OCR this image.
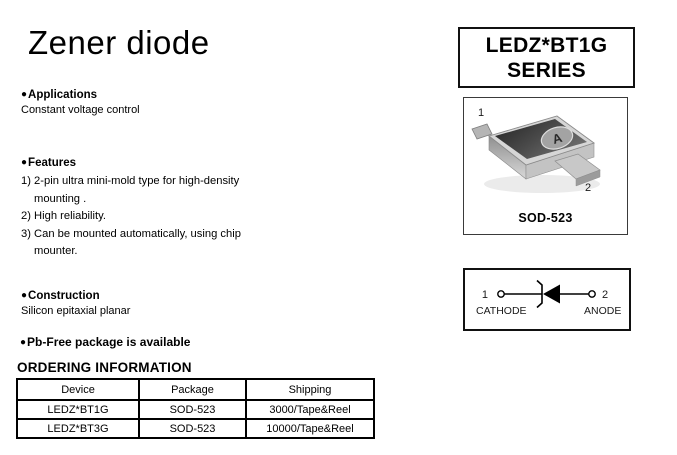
Zener diode
●Applications
Constant voltage control
●Features
1) 2-pin ultra mini-mold type for high-density
mounting .
2) High reliability.
3) Can be mounted automatically, using chip
mounter.
●Construction
Silicon epitaxial planar
●Pb-Free package is available
ORDERING INFORMATION
Device	Package	Shipping
LEDZ*BT1G	SOD-523	3000/Tape&Reel
LEDZ*BT3G	SOD-523	10000/Tape&Reel
LEDZ*BT1G
SERIES
A
1
2
SOD-523
1	2
CATHODE	ANODE
